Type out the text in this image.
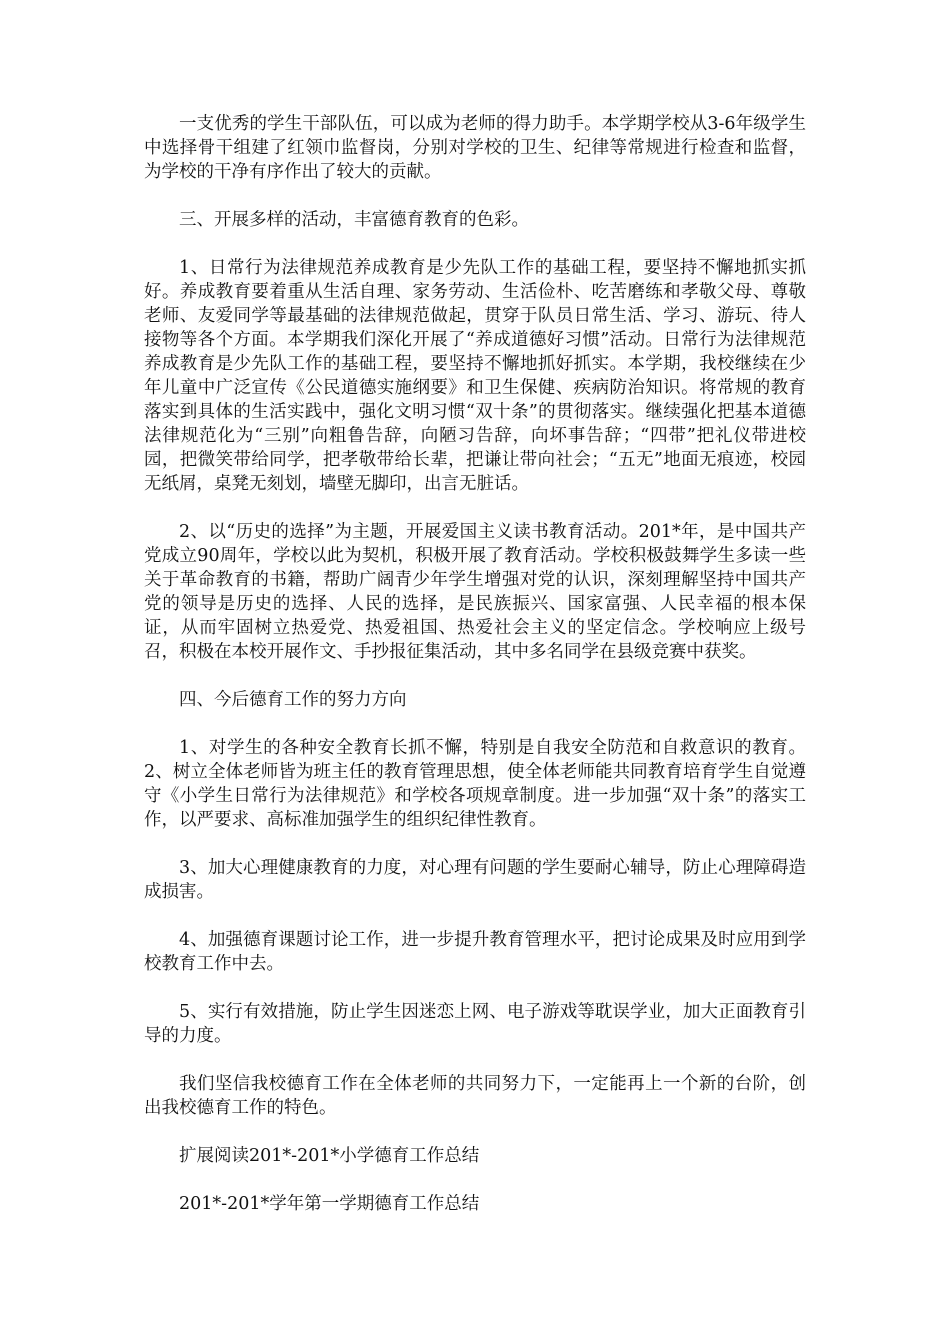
一支优秀的学生干部队伍，可以成为老师的得力助手。本学期学校从3-6年级学生中选择骨干组建了红领巾监督岗，分别对学校的卫生、纪律等常规进行检查和监督，为学校的干净有序作出了较大的贡献。

三、开展多样的活动，丰富德育教育的色彩。

1、日常行为法律规范养成教育是少先队工作的基础工程，要坚持不懈地抓实抓好。养成教育要着重从生活自理、家务劳动、生活俭朴、吃苦磨练和孝敬父母、尊敬老师、友爱同学等最基础的法律规范做起，贯穿于队员日常生活、学习、游玩、待人接物等各个方面。本学期我们深化开展了“养成道德好习惯”活动。日常行为法律规范养成教育是少先队工作的基础工程，要坚持不懈地抓好抓实。本学期，我校继续在少年儿童中广泛宣传《公民道德实施纲要》和卫生保健、疾病防治知识。将常规的教育落实到具体的生活实践中，强化文明习惯“双十条”的贯彻落实。继续强化把基本道德法律规范化为“三别”向粗鲁告辞，向陋习告辞，向坏事告辞；“四带”把礼仪带进校园，把微笑带给同学，把孝敬带给长辈，把谦让带向社会；“五无”地面无痕迹，校园无纸屑，桌凳无刻划，墙壁无脚印，出言无脏话。

2、以“历史的选择”为主题，开展爱国主义读书教育活动。201*年，是中国共产党成立90周年，学校以此为契机，积极开展了教育活动。学校积极鼓舞学生多读一些关于革命教育的书籍，帮助广阔青少年学生增强对党的认识，深刻理解坚持中国共产党的领导是历史的选择、人民的选择，是民族振兴、国家富强、人民幸福的根本保证，从而牢固树立热爱党、热爱祖国、热爱社会主义的坚定信念。学校响应上级号召，积极在本校开展作文、手抄报征集活动，其中多名同学在县级竞赛中获奖。

四、今后德育工作的努力方向

1、对学生的各种安全教育长抓不懈，特别是自我安全防范和自救意识的教育。2、树立全体老师皆为班主任的教育管理思想，使全体老师能共同教育培育学生自觉遵守《小学生日常行为法律规范》和学校各项规章制度。进一步加强“双十条”的落实工作，以严要求、高标准加强学生的组织纪律性教育。

3、加大心理健康教育的力度，对心理有问题的学生要耐心辅导，防止心理障碍造成损害。

4、加强德育课题讨论工作，进一步提升教育管理水平，把讨论成果及时应用到学校教育工作中去。

5、实行有效措施，防止学生因迷恋上网、电子游戏等耽误学业，加大正面教育引导的力度。

我们坚信我校德育工作在全体老师的共同努力下，一定能再上一个新的台阶，创出我校德育工作的特色。

扩展阅读201*-201*小学德育工作总结

201*-201*学年第一学期德育工作总结
